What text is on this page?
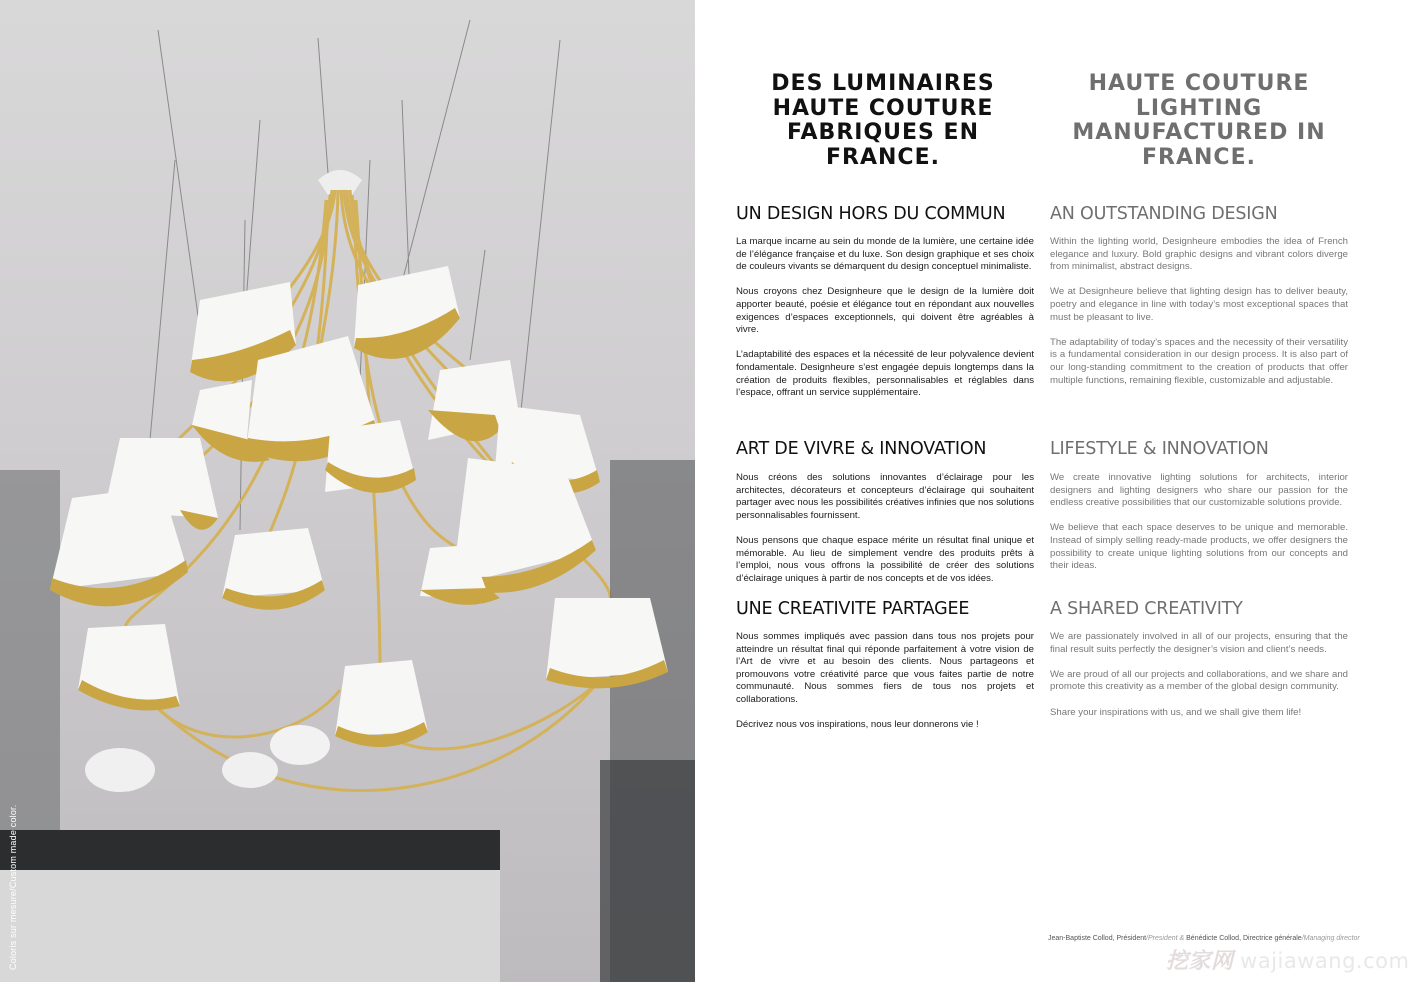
Coloris sur mesure/Custom made color.
DES LUMINAIRES HAUTE COUTURE FABRIQUES EN FRANCE.
UN DESIGN HORS DU COMMUN

La marque incarne au sein du monde de la lumière, une certaine idée de l’élégance française et du luxe. Son design graphique et ses choix de couleurs vivants se démarquent du design conceptuel minimaliste.

Nous croyons chez Designheure que le design de la lumière doit apporter beauté, poésie et élégance tout en répondant aux nouvelles exigences d’espaces exceptionnels, qui doivent être agréables à vivre.

L’adaptabilité des espaces et la nécessité de leur polyvalence devient fondamentale. Designheure s’est engagée depuis longtemps dans la création de produits flexibles, personnalisables et réglables dans l’espace, offrant un service supplémentaire.

ART DE VIVRE & INNOVATION

Nous créons des solutions innovantes d’éclairage pour les architectes, décorateurs et concepteurs d’éclairage qui souhaitent partager avec nous les possibilités créatives infinies que nos solutions personnalisables fournissent.

Nous pensons que chaque espace mérite un résultat final unique et mémorable. Au lieu de simplement vendre des produits prêts à l’emploi, nous vous offrons la possibilité de créer des solutions d’éclairage uniques à partir de nos concepts et de vos idées.

UNE CREATIVITE PARTAGEE

Nous sommes impliqués avec passion dans tous nos projets pour atteindre un résultat final qui réponde parfaitement à votre vision de l’Art de vivre et au besoin des clients. Nous partageons et promouvons votre créativité parce que vous faites partie de notre communauté. Nous sommes fiers de tous nos projets et collaborations.

Décrivez nous vos inspirations, nous leur donnerons vie !

HAUTE COUTURE LIGHTING MANUFACTURED IN FRANCE.
AN OUTSTANDING DESIGN

Within the lighting world, Designheure embodies the idea of French elegance and luxury. Bold graphic designs and vibrant colors diverge from minimalist, abstract designs.

We at Designheure believe that lighting design has to deliver beauty, poetry and elegance in line with today’s most exceptional spaces that must be pleasant to live.

The adaptability of today’s spaces and the necessity of their versatility is a fundamental consideration in our design process. It is also part of our long-standing commitment to the creation of products that offer multiple functions, remaining flexible, customizable and adjustable.

LIFESTYLE & INNOVATION

We create innovative lighting solutions for architects, interior designers and lighting designers who share our passion for the endless creative possibilities that our customizable solutions provide.

We believe that each space deserves to be unique and memorable. Instead of simply selling ready-made products, we offer designers the possibility to create unique lighting solutions from our concepts and their ideas.

A SHARED CREATIVITY

We are passionately involved in all of our projects, ensuring that the final result suits perfectly the designer’s vision and client’s needs.

We are proud of all our projects and collaborations, and we share and promote this creativity as a member of the global design community.

Share your inspirations with us, and we shall give them life!

Jean-Baptiste Collod, Président/President & Bénédicte Collod, Directrice générale/Managing director
挖家网 wajiawang.com
